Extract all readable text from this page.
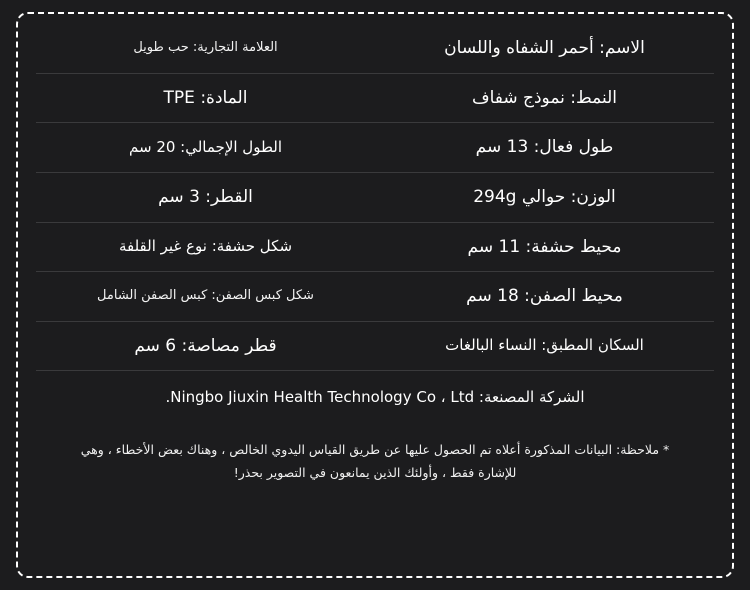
العلامة التجارية: حب طويل	الاسم: أحمر الشفاه واللسان
المادة: TPE	النمط: نموذج شفاف
الطول الإجمالي: 20 سم	طول فعال: 13 سم
القطر: 3 سم	الوزن: حوالي 294g
شكل حشفة: نوع غير القلفة	محيط حشفة: 11 سم
شكل كبس الصفن: كبس الصفن الشامل	محيط الصفن: 18 سم
قطر مصاصة: 6 سم	السكان المطبق: النساء البالغات
الشركة المصنعة: Ningbo Jiuxin Health Technology Co ، Ltd.	
* ملاحظة: البيانات المذكورة أعلاه تم الحصول عليها عن طريق القياس اليدوي الخالص ، وهناك بعض الأخطاء ، وهي للإشارة فقط ، وأولئك الذين يمانعون في التصوير بحذر!
